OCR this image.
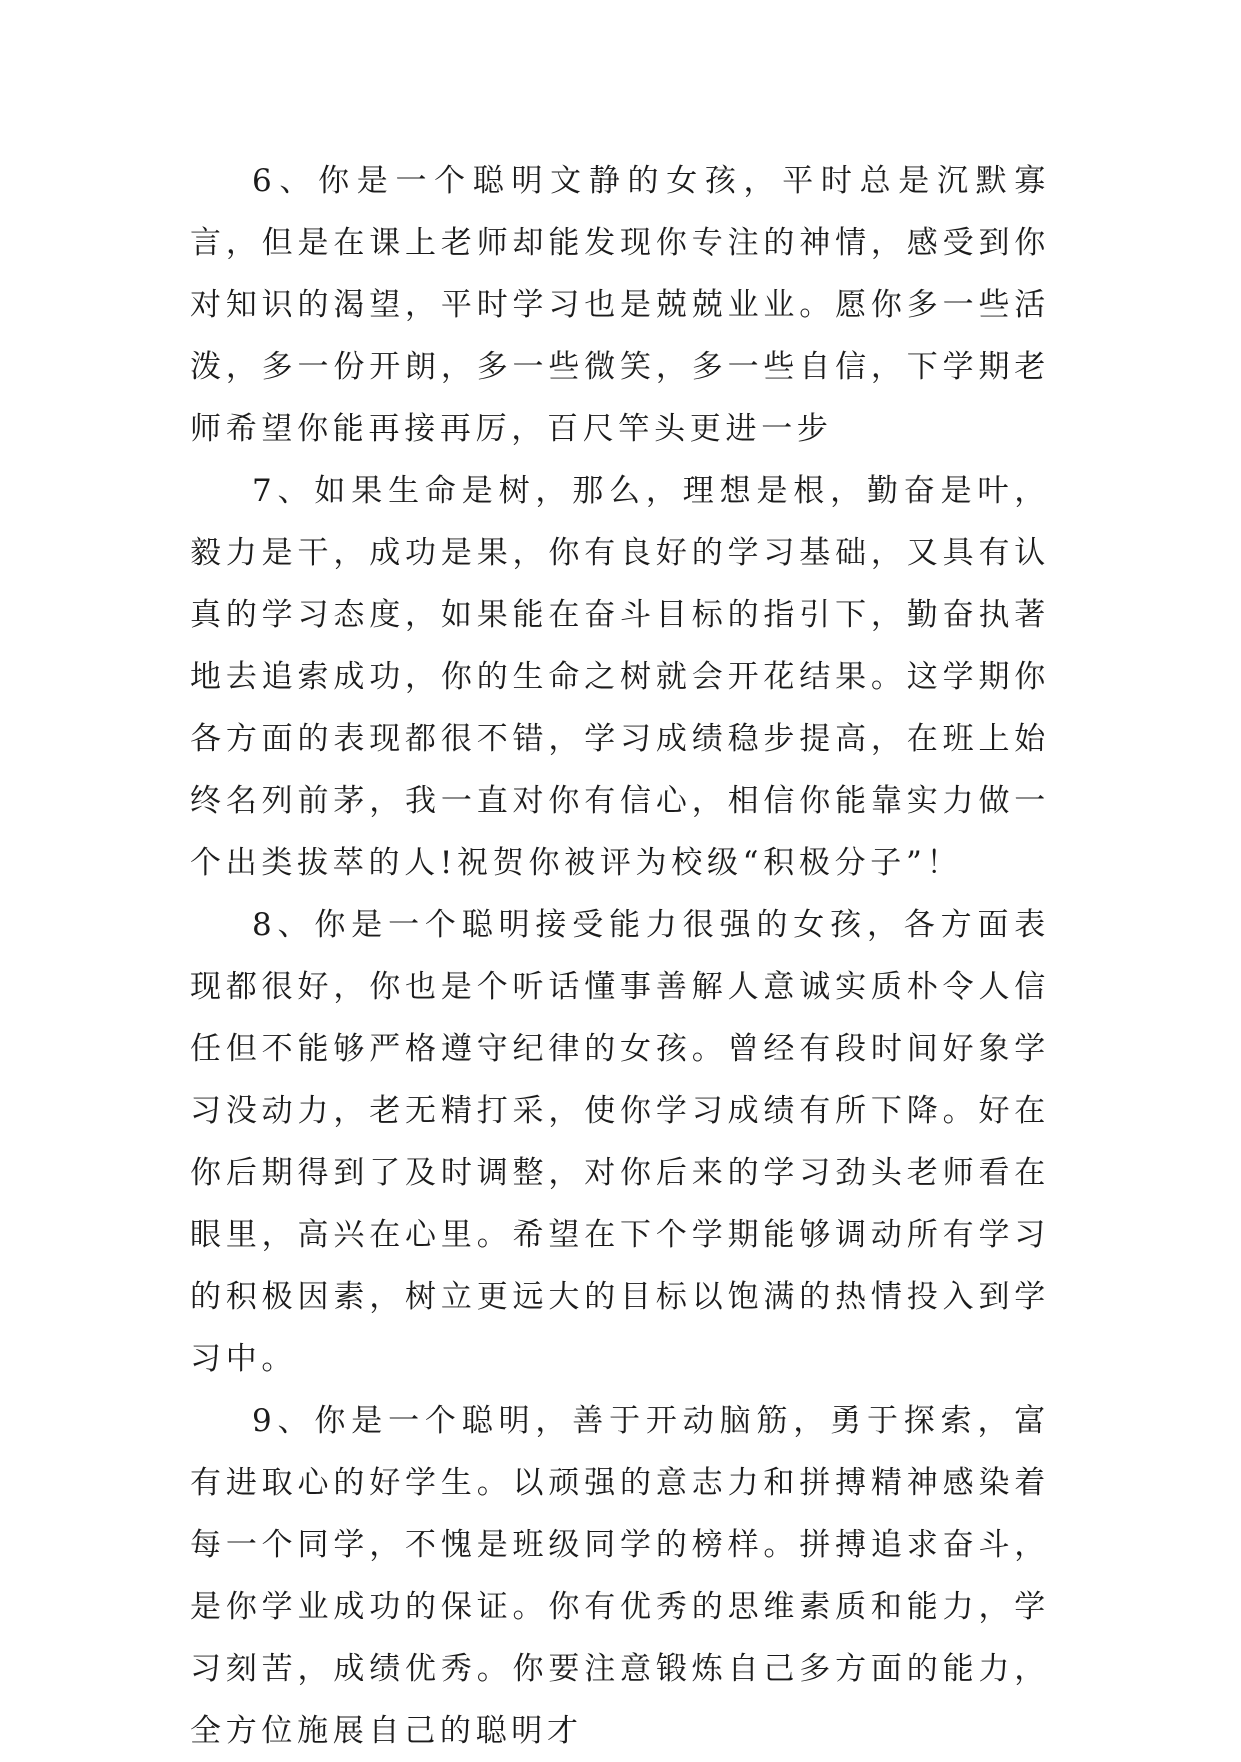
6、你是一个聪明文静的女孩，平时总是沉默寡言，但是在课上老师却能发现你专注的神情，感受到你对知识的渴望，平时学习也是兢兢业业。愿你多一些活泼，多一份开朗，多一些微笑，多一些自信，下学期老师希望你能再接再厉，百尺竿头更进一步

7、如果生命是树，那么，理想是根，勤奋是叶，毅力是干，成功是果，你有良好的学习基础，又具有认真的学习态度，如果能在奋斗目标的指引下，勤奋执著地去追索成功，你的生命之树就会开花结果。这学期你各方面的表现都很不错，学习成绩稳步提高，在班上始终名列前茅，我一直对你有信心，相信你能靠实力做一个出类拔萃的人!祝贺你被评为校级“积极分子”！

8、你是一个聪明接受能力很强的女孩，各方面表现都很好，你也是个听话懂事善解人意诚实质朴令人信任但不能够严格遵守纪律的女孩。曾经有段时间好象学习没动力，老无精打采，使你学习成绩有所下降。好在你后期得到了及时调整，对你后来的学习劲头老师看在眼里，高兴在心里。希望在下个学期能够调动所有学习的积极因素，树立更远大的目标以饱满的热情投入到学习中。

9、你是一个聪明，善于开动脑筋，勇于探索，富有进取心的好学生。以顽强的意志力和拼搏精神感染着每一个同学，不愧是班级同学的榜样。拼搏追求奋斗，是你学业成功的保证。你有优秀的思维素质和能力，学习刻苦，成绩优秀。你要注意锻炼自己多方面的能力，全方位施展自己的聪明才
